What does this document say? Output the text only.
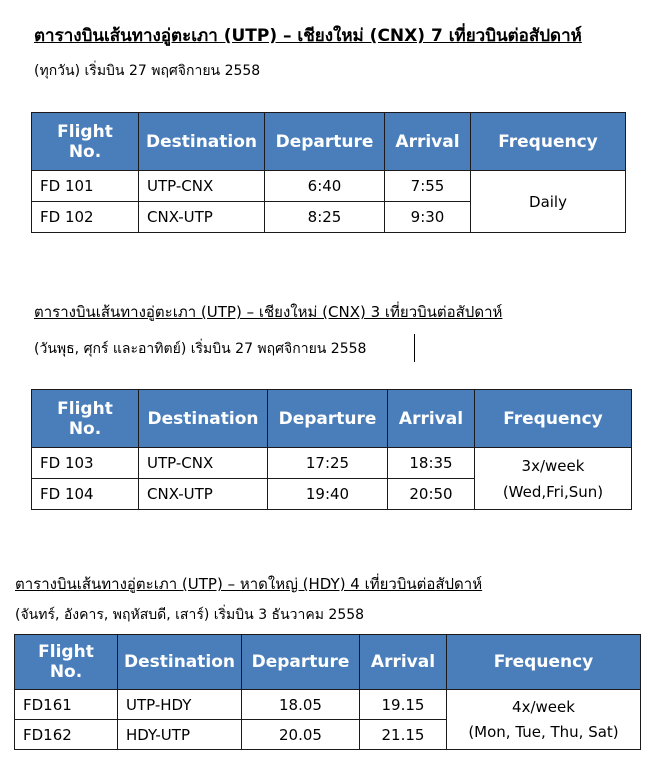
ตารางบินเส้นทางอู่ตะเภา (UTP) – เชียงใหม่ (CNX) 7 เที่ยวบินต่อสัปดาห์
(ทุกวัน) เริ่มบิน 27 พฤศจิกายน 2558
Flight No.	Destination	Departure	Arrival	Frequency
FD 101	UTP-CNX	6:40	7:55	Daily

FD 102	CNX-UTP	8:25	9:30	
ตารางบินเส้นทางอู่ตะเภา (UTP) – เชียงใหม่ (CNX) 3 เที่ยวบินต่อสัปดาห์
(วันพุธ, ศุกร์ และอาทิตย์) เริ่มบิน 27 พฤศจิกายน 2558
Flight No.	Destination	Departure	Arrival	Frequency
FD 103	UTP-CNX	17:25	18:35	3x/week
(Wed,Fri,Sun)

FD 104	CNX-UTP	19:40	20:50	
ตารางบินเส้นทางอู่ตะเภา (UTP) – หาดใหญ่ (HDY) 4 เที่ยวบินต่อสัปดาห์
(จันทร์, อังคาร, พฤหัสบดี, เสาร์) เริ่มบิน 3 ธันวาคม 2558
Flight No.	Destination	Departure	Arrival	Frequency
FD161	UTP-HDY	18.05	19.15	4x/week
(Mon, Tue, Thu, Sat)

FD162	HDY-UTP	20.05	21.15	
